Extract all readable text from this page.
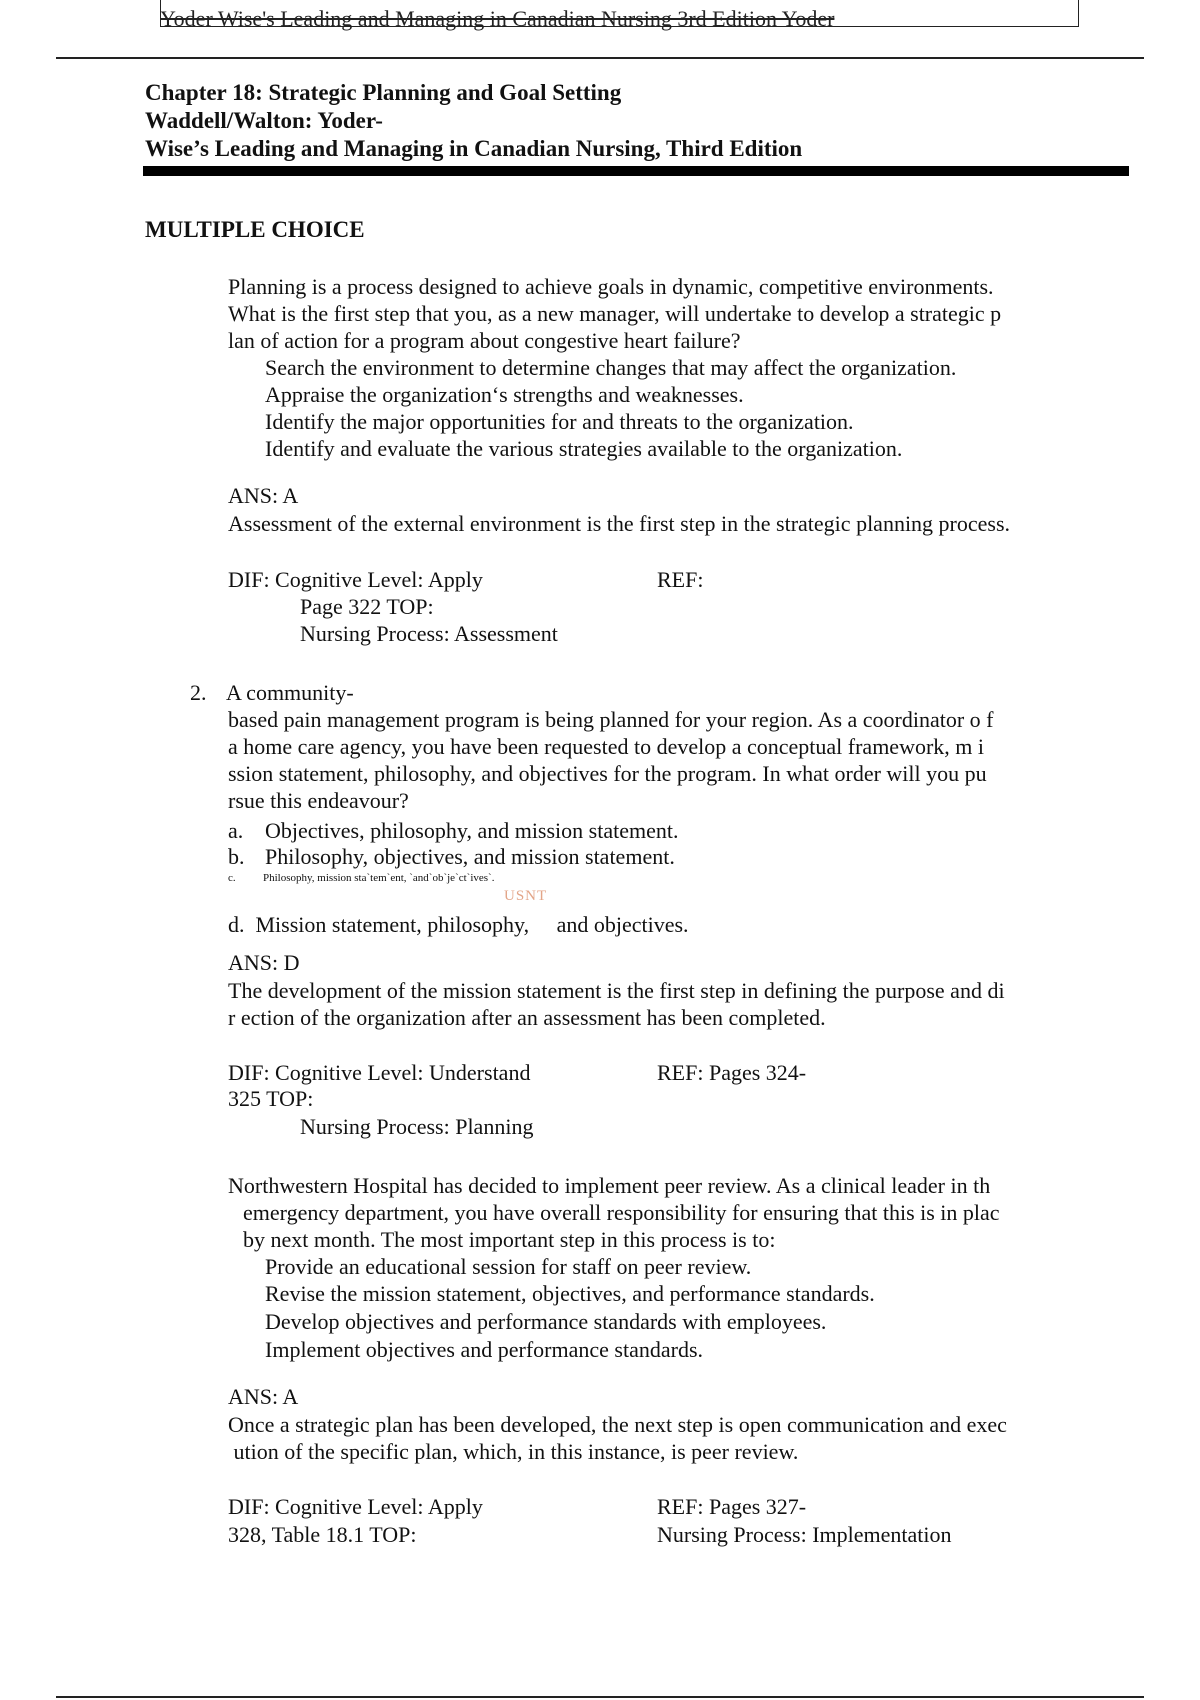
Yoder Wise's Leading and Managing in Canadian Nursing 3rd Edition Yoder
Chapter 18: Strategic Planning and Goal Setting
Waddell/Walton: Yoder-
Wise’s Leading and Managing in Canadian Nursing, Third Edition
MULTIPLE CHOICE
Planning is a process designed to achieve goals in dynamic, competitive environments.
What is the first step that you, as a new manager, will undertake to develop a strategic p
lan of action for a program about congestive heart failure?
Search the environment to determine changes that may affect the organization.
Appraise the organization‘s strengths and weaknesses.
Identify the major opportunities for and threats to the organization.
Identify and evaluate the various strategies available to the organization.
ANS: A
Assessment of the external environment is the first step in the strategic planning process.
DIF: Cognitive Level: Apply	REF:
Page 322 TOP:
Nursing Process: Assessment
2. A community-
based pain management program is being planned for your region. As a coordinator o f
a home care agency, you have been requested to develop a conceptual framework, m i
ssion statement, philosophy, and objectives for the program. In what order will you pu
rsue this endeavour?
a. Objectives, philosophy, and mission statement.
b. Philosophy, objectives, and mission statement.
c. Philosophy, mission sta`tem`ent, `and`ob`je`ct`ives`.
USNT
d.  Mission statement, philosophy,     and objectives.
ANS: D
The development of the mission statement is the first step in defining the purpose and di
r ection of the organization after an assessment has been completed.
DIF: Cognitive Level: Understand	REF: Pages 324-
325 TOP:
Nursing Process: Planning
Northwestern Hospital has decided to implement peer review. As a clinical leader in th
emergency department, you have overall responsibility for ensuring that this is in plac
by next month. The most important step in this process is to:
Provide an educational session for staff on peer review.
Revise the mission statement, objectives, and performance standards.
Develop objectives and performance standards with employees.
Implement objectives and performance standards.
ANS: A
Once a strategic plan has been developed, the next step is open communication and exec
ution of the specific plan, which, in this instance, is peer review.
DIF: Cognitive Level: Apply	REF: Pages 327-
328, Table 18.1 TOP:	Nursing Process: Implementation
